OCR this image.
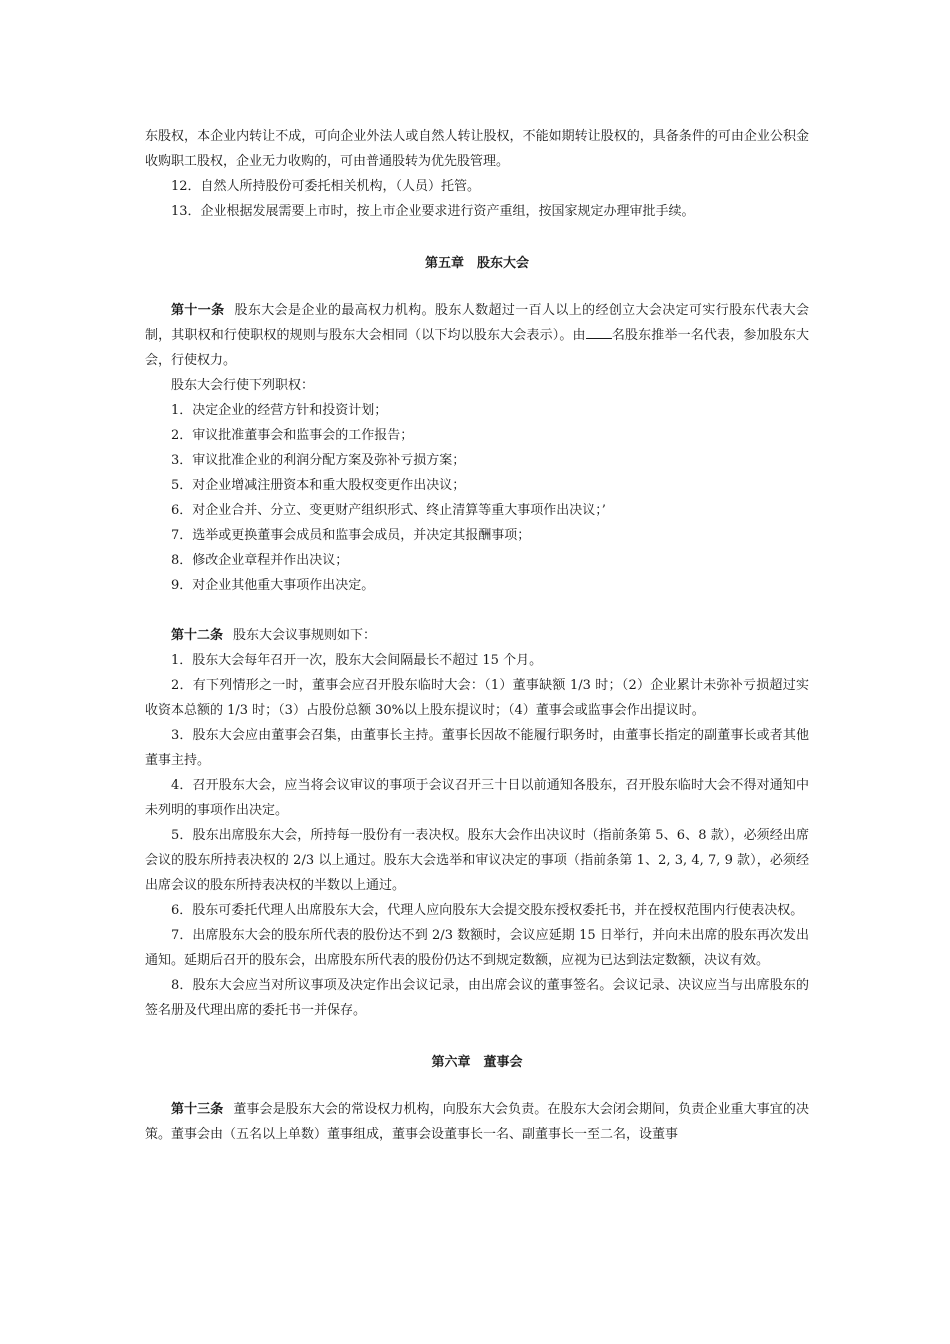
东股权，本企业内转让不成，可向企业外法人或自然人转让股权，不能如期转让股权的，具备条件的可由企业公积金收购职工股权，企业无力收购的，可由普通股转为优先股管理。

12．自然人所持股份可委托相关机构，（人员）托管。

13．企业根据发展需要上市时，按上市企业要求进行资产重组，按国家规定办理审批手续。

第五章　股东大会

第十一条 股东大会是企业的最高权力机构。股东人数超过一百人以上的经创立大会决定可实行股东代表大会制，其职权和行使职权的规则与股东大会相同（以下均以股东大会表示）。由 名股东推举一名代表，参加股东大会，行使权力。

股东大会行使下列职权：

1．决定企业的经营方针和投资计划；

2．审议批准董事会和监事会的工作报告；

3．审议批准企业的利润分配方案及弥补亏损方案；

5．对企业增减注册资本和重大股权变更作出决议；

6．对企业合并、分立、变更财产组织形式、终止清算等重大事项作出决议；’

7．选举或更换董事会成员和监事会成员，并决定其报酬事项；

8．修改企业章程并作出决议；

9．对企业其他重大事项作出决定。

第十二条 股东大会议事规则如下：

1．股东大会每年召开一次，股东大会间隔最长不超过 15 个月。

2．有下列情形之一时，董事会应召开股东临时大会：（1）董事缺额 1/3 时；（2）企业累计未弥补亏损超过实收资本总额的 1/3 时；（3）占股份总额 30%以上股东提议时；（4）董事会或监事会作出提议时。

3．股东大会应由董事会召集，由董事长主持。董事长因故不能履行职务时，由董事长指定的副董事长或者其他董事主持。

4．召开股东大会，应当将会议审议的事项于会议召开三十日以前通知各股东，召开股东临时大会不得对通知中未列明的事项作出决定。

5．股东出席股东大会，所持每一股份有一表决权。股东大会作出决议时（指前条第 5、6、8 款），必须经出席会议的股东所持表决权的 2/3 以上通过。股东大会选举和审议决定的事项（指前条第 1、2, 3, 4, 7, 9 款），必须经出席会议的股东所持表决权的半数以上通过。

6．股东可委托代理人出席股东大会，代理人应向股东大会提交股东授权委托书，并在授权范围内行使表决权。

7．出席股东大会的股东所代表的股份达不到 2/3 数额时，会议应延期 15 日举行，并向未出席的股东再次发出通知。延期后召开的股东会，出席股东所代表的股份仍达不到规定数额，应视为已达到法定数额，决议有效。

8．股东大会应当对所议事项及决定作出会议记录，由出席会议的董事签名。会议记录、决议应当与出席股东的签名册及代理出席的委托书一并保存。

第六章　董事会

第十三条 董事会是股东大会的常设权力机构，向股东大会负责。在股东大会闭会期间，负责企业重大事宜的决策。董事会由（五名以上单数）董事组成，董事会设董事长一名、副董事长一至二名，设董事
